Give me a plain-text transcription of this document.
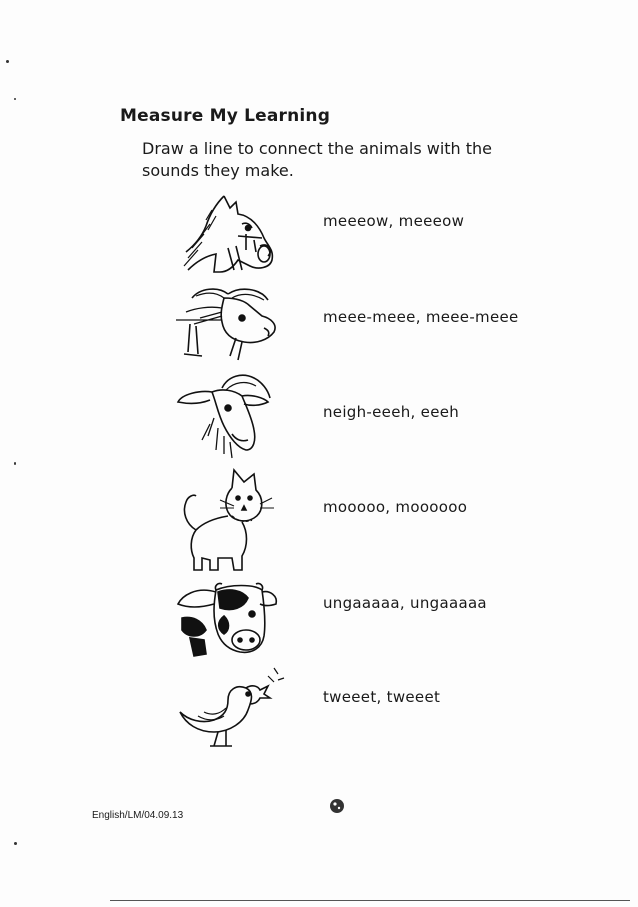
Measure My Learning
Draw a line to connect the animals with the sounds they make.
meeeow, meeeow
meee-meee, meee-meee
neigh-eeeh, eeeh
mooooo, moooooo
ungaaaaa, ungaaaaa
tweeet, tweeet
English/LM/04.09.13
